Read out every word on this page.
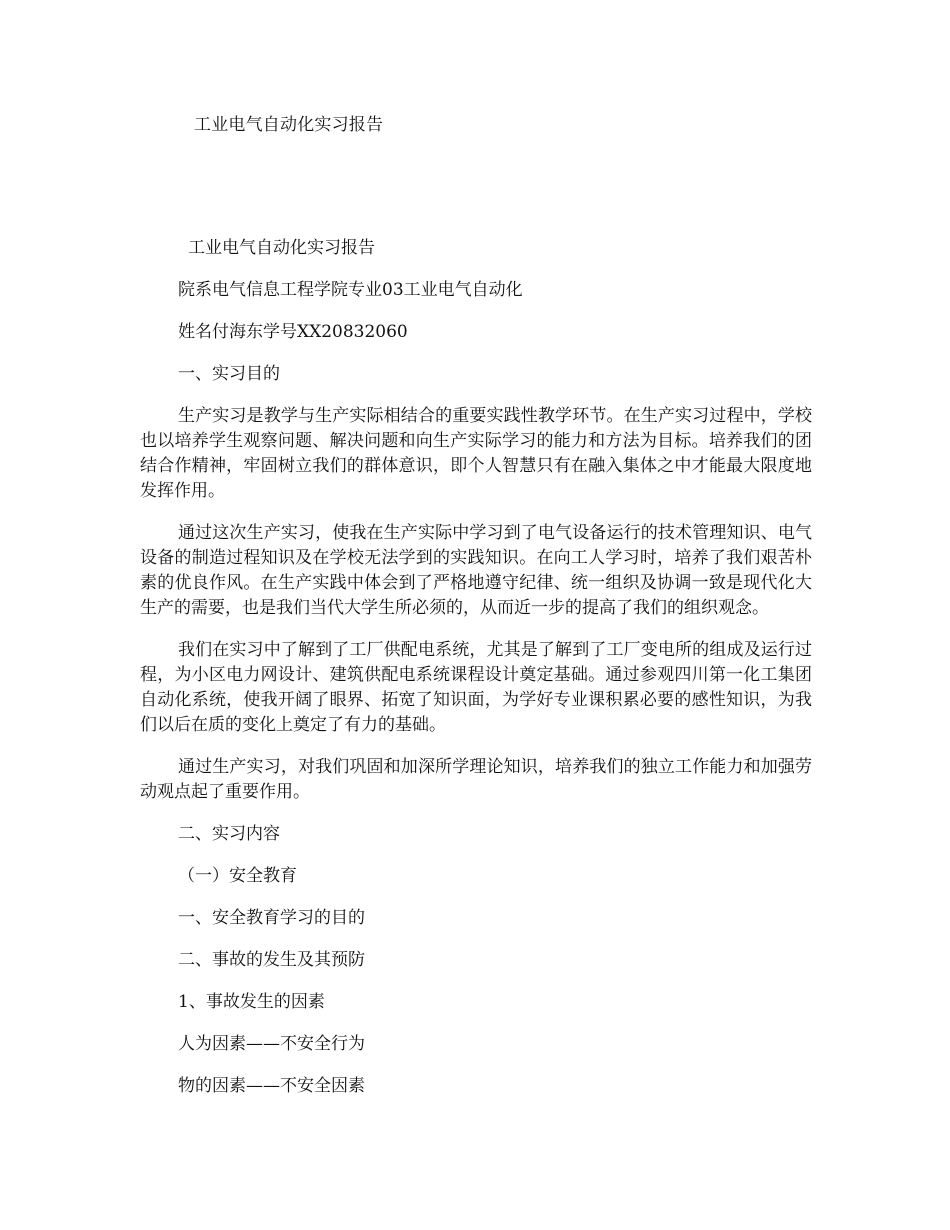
工业电气自动化实习报告
工业电气自动化实习报告
院系电气信息工程学院专业03工业电气自动化
姓名付海东学号XX20832060
一、实习目的

生产实习是教学与生产实际相结合的重要实践性教学环节。在生产实习过程中，学校也以培养学生观察问题、解决问题和向生产实际学习的能力和方法为目标。培养我们的团结合作精神，牢固树立我们的群体意识，即个人智慧只有在融入集体之中才能最大限度地发挥作用。

通过这次生产实习，使我在生产实际中学习到了电气设备运行的技术管理知识、电气设备的制造过程知识及在学校无法学到的实践知识。在向工人学习时，培养了我们艰苦朴素的优良作风。在生产实践中体会到了严格地遵守纪律、统一组织及协调一致是现代化大生产的需要，也是我们当代大学生所必须的，从而近一步的提高了我们的组织观念。

我们在实习中了解到了工厂供配电系统，尤其是了解到了工厂变电所的组成及运行过程，为小区电力网设计、建筑供配电系统课程设计奠定基础。通过参观四川第一化工集团自动化系统，使我开阔了眼界、拓宽了知识面，为学好专业课积累必要的感性知识，为我们以后在质的变化上奠定了有力的基础。

通过生产实习，对我们巩固和加深所学理论知识，培养我们的独立工作能力和加强劳动观点起了重要作用。

二、实习内容
（一）安全教育
一、安全教育学习的目的
二、事故的发生及其预防
1、事故发生的因素
人为因素——不安全行为
物的因素——不安全因素
